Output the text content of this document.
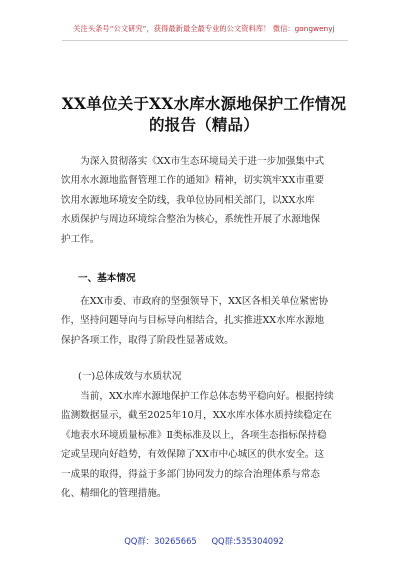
关注头条号“公文研究”，获得最新最全最专业的公文资料库！ 微信：gongwenyj
XX单位关于XX水库水源地保护工作情况
的报告（精品）
　　为深入贯彻落实《XX市生态环境局关于进一步加强集中式
饮用水水源地监督管理工作的通知》精神，切实筑牢XX市重要
饮用水源地环境安全防线，我单位协同相关部门，以XX水库
水质保护与周边环境综合整治为核心，系统性开展了水源地保
护工作。
一、基本情况
　　在XX市委、市政府的坚强领导下，XX区各相关单位紧密协
作，坚持问题导向与目标导向相结合，扎实推进XX水库水源地
保护各项工作，取得了阶段性显著成效。
(一)总体成效与水质状况
　　当前，XX水库水源地保护工作总体态势平稳向好。根据持续
监测数据显示，截至2025年10月，XX水库水体水质持续稳定在
《地表水环境质量标准》Ⅱ类标准及以上，各项生态指标保持稳
定或呈现向好趋势，有效保障了XX市中心城区的供水安全。这
一成果的取得，得益于多部门协同发力的综合治理体系与常态
化、精细化的管理措施。
QQ群：30265665 QQ群:535304092
